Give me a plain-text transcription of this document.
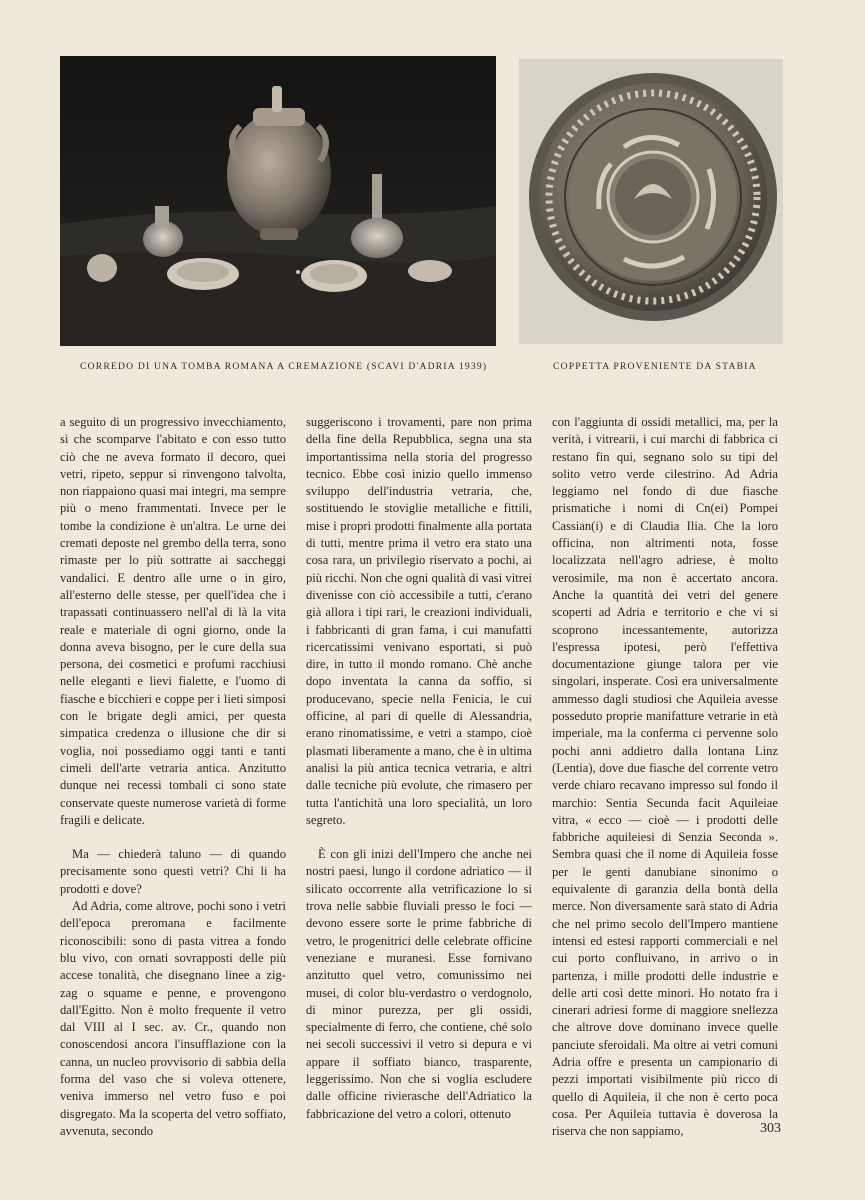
CORREDO DI UNA TOMBA ROMANA A CREMAZIONE (SCAVI D'ADRIA 1939)	COPPETTA PROVENIENTE DA STABIA

a seguito di un progressivo invecchiamento, sì che scomparve l'abitato e con esso tutto ciò che ne aveva formato il decoro, quei vetri, ripeto, seppur si rinvengono talvolta, non riappaiono quasi mai integri, ma sempre più o meno frammentati. Invece per le tombe la condizione è un'altra. Le urne dei cremati deposte nel grembo della terra, sono rimaste per lo più sottratte ai saccheggi vandalici. E dentro alle urne o in giro, all'esterno delle stesse, per quell'idea che i trapassati continuassero nell'al di là la vita reale e materiale di ogni giorno, onde la donna aveva bisogno, per le cure della sua persona, dei cosmetici e profumi racchiusi nelle eleganti e lievi fialette, e l'uomo di fiasche e bicchieri e coppe per i lieti simposi con le brigate degli amici, per questa simpatica credenza o illusione che dir si voglia, noi possediamo oggi tanti e tanti cimeli dell'arte vetraria antica. Anzitutto dunque nei recessi tombali ci sono state conservate queste numerose varietà di forme fragili e delicate.

Ma — chiederà taluno — di quando precisamente sono questi vetri? Chi li ha prodotti e dove?

Ad Adria, come altrove, pochi sono i vetri dell'epoca preromana e facilmente riconoscibili: sono di pasta vitrea a fondo blu vivo, con ornati sovrapposti delle più accese tonalità, che disegnano linee a zig-zag o squame e penne, e provengono dall'Egitto. Non è molto frequente il vetro dal VIII al I sec. av. Cr., quando non conoscendosi ancora l'insufflazione con la canna, un nucleo provvisorio di sabbia della forma del vaso che si voleva ottenere, veniva immerso nel vetro fuso e poi disgregato. Ma la scoperta del vetro soffiato, avvenuta, secondo

suggeriscono i trovamenti, pare non prima della fine della Repubblica, segna una sta importantissima nella storia del progresso tecnico. Ebbe così inizio quello immenso sviluppo dell'industria vetraria, che, sostituendo le stoviglie metalliche e fittili, mise i propri prodotti finalmente alla portata di tutti, mentre prima il vetro era stato una cosa rara, un privilegio riservato a pochi, ai più ricchi. Non che ogni qualità di vasi vitrei divenisse con ciò accessibile a tutti, c'erano già allora i tipi rari, le creazioni individuali, i fabbricanti di gran fama, i cui manufatti ricercatissimi venivano esportati, si può dire, in tutto il mondo romano. Chè anche dopo inventata la canna da soffio, si producevano, specie nella Fenicia, le cui officine, al pari di quelle di Alessandria, erano rinomatissime, e vetri a stampo, cioè plasmati liberamente a mano, che è in ultima analisi la più antica tecnica vetraria, e altri dalle tecniche più evolute, che rimasero per tutta l'antichità una loro specialità, un loro segreto.

È con gli inizi dell'Impero che anche nei nostri paesi, lungo il cordone adriatico — il silicato occorrente alla vetrificazione lo si trova nelle sabbie fluviali presso le foci — devono essere sorte le prime fabbriche di vetro, le progenitrici delle celebrate officine veneziane e muranesi. Esse fornivano anzitutto quel vetro, comunissimo nei musei, di color blu-verdastro o verdognolo, di minor purezza, per gli ossidi, specialmente di ferro, che contiene, ché solo nei secoli successivi il vetro si depura e vi appare il soffiato bianco, trasparente, leggerissimo. Non che si voglia escludere dalle officine rivierasche dell'Adriatico la fabbricazione del vetro a colori, ottenuto

con l'aggiunta di ossidi metallici, ma, per la verità, i vitrearii, i cui marchi di fabbrica ci restano fin qui, segnano solo su tipi del solito vetro verde cilestrino. Ad Adria leggiamo nel fondo di due fiasche prismatiche i nomi di Cn(ei) Pompei Cassian(i) e di Claudia Ilia. Che la loro officina, non altrimenti nota, fosse localizzata nell'agro adriese, è molto verosimile, ma non è accertato ancora. Anche la quantità dei vetri del genere scoperti ad Adria e territorio e che vi si scoprono incessantemente, autorizza l'espressa ipotesi, però l'effettiva documentazione giunge talora per vie singolari, insperate. Così era universalmente ammesso dagli studiosi che Aquileia avesse posseduto proprie manifatture vetrarie in età imperiale, ma la conferma ci pervenne solo pochi anni addietro dalla lontana Linz (Lentia), dove due fiasche del corrente vetro verde chiaro recavano impresso sul fondo il marchio: Sentia Secunda facit Aquileiae vitra, « ecco — cioè — i prodotti delle fabbriche aquileiesi di Senzia Seconda ». Sembra quasi che il nome di Aquileia fosse per le genti danubiane sinonimo o equivalente di garanzia della bontà della merce. Non diversamente sarà stato di Adria che nel primo secolo dell'Impero mantiene intensi ed estesi rapporti commerciali e nel cui porto confluivano, in arrivo o in partenza, i mille prodotti delle industrie e delle arti così dette minori. Ho notato fra i cinerari adriesi forme di maggiore snellezza che altrove dove dominano invece quelle panciute sferoidali. Ma oltre ai vetri comuni Adria offre e presenta un campionario di pezzi importati visibilmente più ricco di quello di Aquileia, il che non è certo poca cosa. Per Aquileia tuttavia è doverosa la riserva che non sappiamo,	303
